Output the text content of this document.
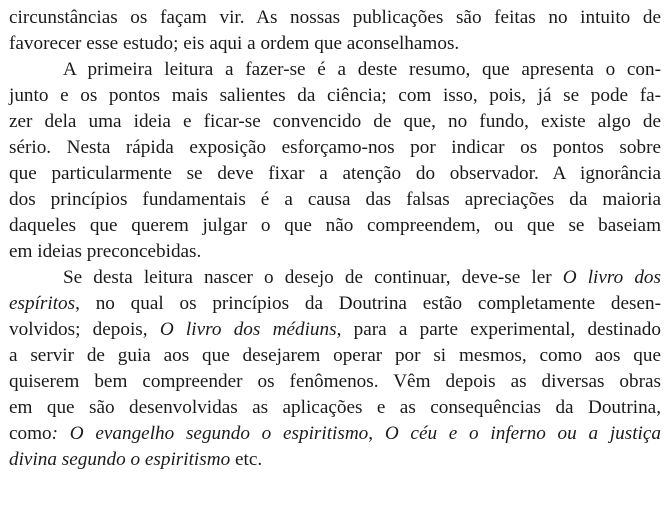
circunstâncias os façam vir. As nossas publicações são feitas no intuito de
favorecer esse estudo; eis aqui a ordem que aconselhamos.
A primeira leitura a fazer-se é a deste resumo, que apresenta o con-
junto e os pontos mais salientes da ciência; com isso, pois, já se pode fa-
zer dela uma ideia e ficar-se convencido de que, no fundo, existe algo de
sério. Nesta rápida exposição esforçamo-nos por indicar os pontos sobre
que particularmente se deve fixar a atenção do observador. A ignorância
dos princípios fundamentais é a causa das falsas apreciações da maioria
daqueles que querem julgar o que não compreendem, ou que se baseiam
em ideias preconcebidas.
Se desta leitura nascer o desejo de continuar, deve-se ler O livro dos
espíritos, no qual os princípios da Doutrina estão completamente desen-
volvidos; depois, O livro dos médiuns, para a parte experimental, destinado
a servir de guia aos que desejarem operar por si mesmos, como aos que
quiserem bem compreender os fenômenos. Vêm depois as diversas obras
em que são desenvolvidas as aplicações e as consequências da Doutrina,
como: O evangelho segundo o espiritismo, O céu e o inferno ou a justiça
divina segundo o espiritismo etc.
